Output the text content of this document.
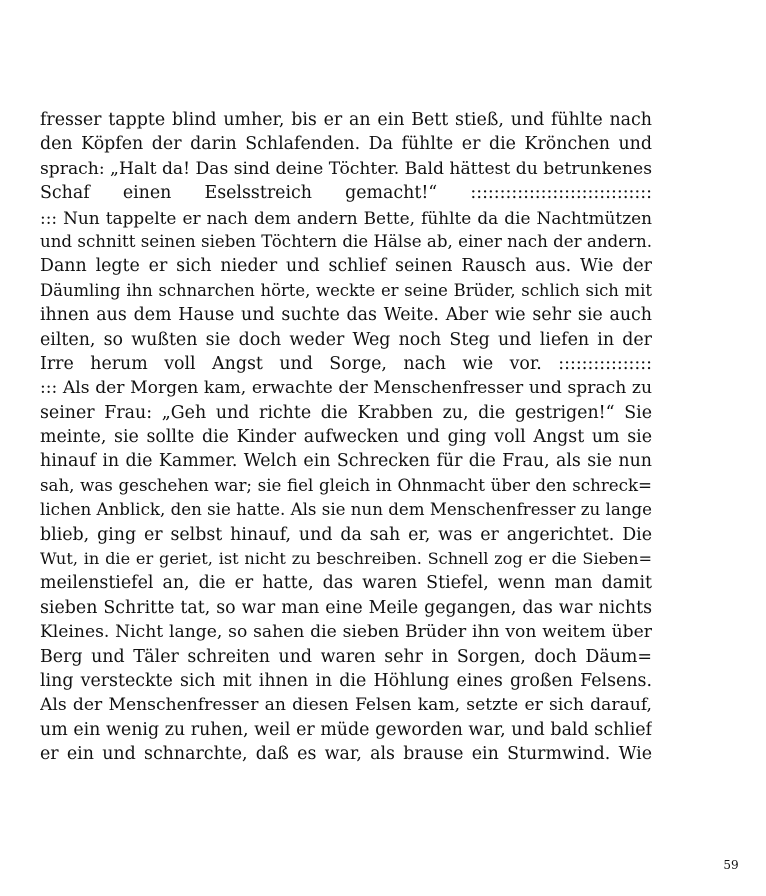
fresser tappte blind umher, bis er an ein Bett stieß, und fühlte nach
den Köpfen der darin Schlafenden. Da fühlte er die Krönchen und
sprach: „Halt da! Das sind deine Töchter. Bald hättest du betrunkenes
Schaf einen Eselsstreich gemacht!“ :::::::::::::::::::::::::::::::
::: Nun tappelte er nach dem andern Bette, fühlte da die Nachtmützen
und schnitt seinen sieben Töchtern die Hälse ab, einer nach der andern.
Dann legte er sich nieder und schlief seinen Rausch aus. Wie der
Däumling ihn schnarchen hörte, weckte er seine Brüder, schlich sich mit
ihnen aus dem Hause und suchte das Weite. Aber wie sehr sie auch
eilten, so wußten sie doch weder Weg noch Steg und liefen in der
Irre herum voll Angst und Sorge, nach wie vor. ::::::::::::::::
::: Als der Morgen kam, erwachte der Menschenfresser und sprach zu
seiner Frau: „Geh und richte die Krabben zu, die gestrigen!“ Sie
meinte, sie sollte die Kinder aufwecken und ging voll Angst um sie
hinauf in die Kammer. Welch ein Schrecken für die Frau, als sie nun
sah, was geschehen war; sie fiel gleich in Ohnmacht über den schreck=
lichen Anblick, den sie hatte. Als sie nun dem Menschenfresser zu lange
blieb, ging er selbst hinauf, und da sah er, was er angerichtet. Die
Wut, in die er geriet, ist nicht zu beschreiben. Schnell zog er die Sieben=
meilenstiefel an, die er hatte, das waren Stiefel, wenn man damit
sieben Schritte tat, so war man eine Meile gegangen, das war nichts
Kleines. Nicht lange, so sahen die sieben Brüder ihn von weitem über
Berg und Täler schreiten und waren sehr in Sorgen, doch Däum=
ling versteckte sich mit ihnen in die Höhlung eines großen Felsens.
Als der Menschenfresser an diesen Felsen kam, setzte er sich darauf,
um ein wenig zu ruhen, weil er müde geworden war, und bald schlief
er ein und schnarchte, daß es war, als brause ein Sturmwind. Wie
59
